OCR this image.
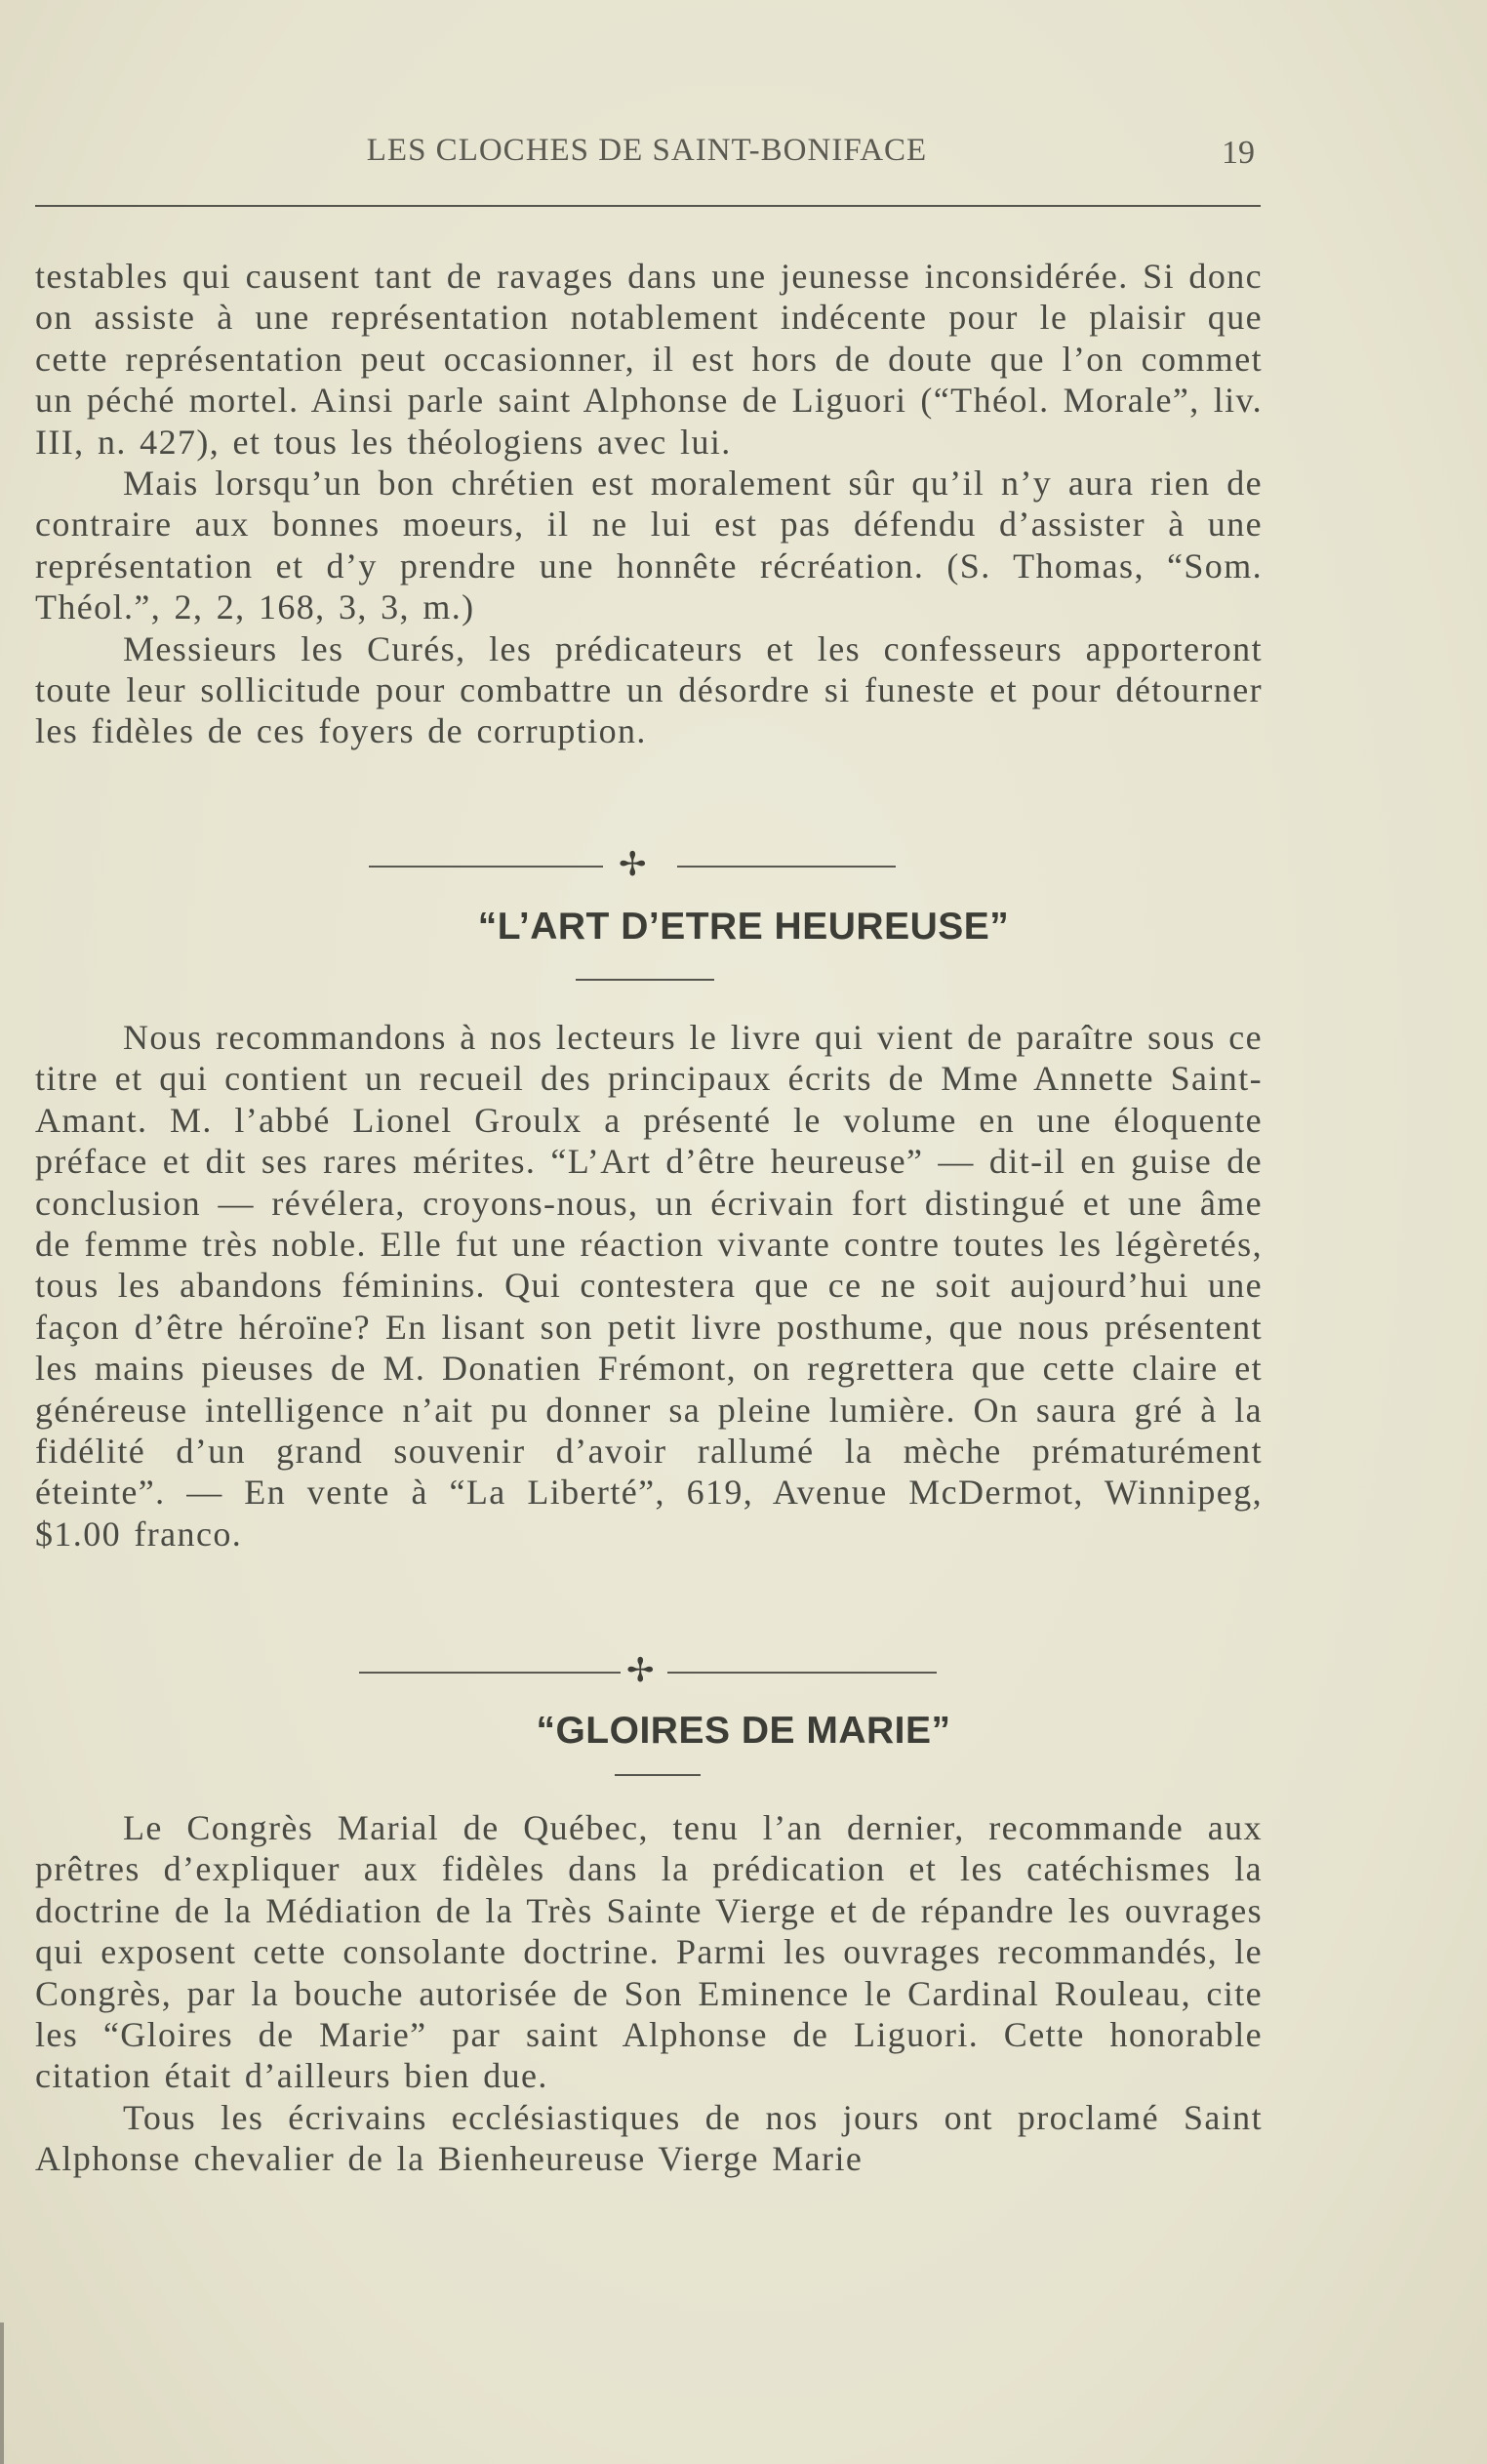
LES CLOCHES DE SAINT-BONIFACE	19

testables qui causent tant de ravages dans une jeunesse inconsidérée. Si donc on assiste à une représentation notablement indécente pour le plaisir que cette représentation peut occasionner, il est hors de doute que l’on commet un péché mortel. Ainsi parle saint Alphonse de Liguori (“Théol. Morale”, liv. III, n. 427), et tous les théologiens avec lui.

Mais lorsqu’un bon chrétien est moralement sûr qu’il n’y aura rien de contraire aux bonnes moeurs, il ne lui est pas défendu d’assister à une représentation et d’y prendre une honnête récréation. (S. Thomas, “Som. Théol.”, 2, 2, 168, 3, 3, m.)

Messieurs les Curés, les prédicateurs et les confesseurs apporteront toute leur sollicitude pour combattre un désordre si funeste et pour détourner les fidèles de ces foyers de corruption.

✢
“L’ART D’ETRE HEUREUSE”

Nous recommandons à nos lecteurs le livre qui vient de paraître sous ce titre et qui contient un recueil des principaux écrits de Mme Annette Saint-Amant. M. l’abbé Lionel Groulx a présenté le volume en une éloquente préface et dit ses rares mérites. “L’Art d’être heureuse” — dit-il en guise de conclusion — révélera, croyons-nous, un écrivain fort distingué et une âme de femme très noble. Elle fut une réaction vivante contre toutes les légèretés, tous les abandons féminins. Qui contestera que ce ne soit aujourd’hui une façon d’être héroïne? En lisant son petit livre posthume, que nous présentent les mains pieuses de M. Donatien Frémont, on regrettera que cette claire et généreuse intelligence n’ait pu donner sa pleine lumière. On saura gré à la fidélité d’un grand souvenir d’avoir rallumé la mèche prématurément éteinte”. — En vente à “La Liberté”, 619, Avenue McDermot, Winnipeg, $1.00 franco.

✢
“GLOIRES DE MARIE”

Le Congrès Marial de Québec, tenu l’an dernier, recommande aux prêtres d’expliquer aux fidèles dans la prédication et les catéchismes la doctrine de la Médiation de la Très Sainte Vierge et de répandre les ouvrages qui exposent cette consolante doctrine. Parmi les ouvrages recommandés, le Congrès, par la bouche autorisée de Son Eminence le Cardinal Rouleau, cite les “Gloires de Marie” par saint Alphonse de Liguori. Cette honorable citation était d’ailleurs bien due.

Tous les écrivains ecclésiastiques de nos jours ont proclamé Saint Alphonse chevalier de la Bienheureuse Vierge Marie
